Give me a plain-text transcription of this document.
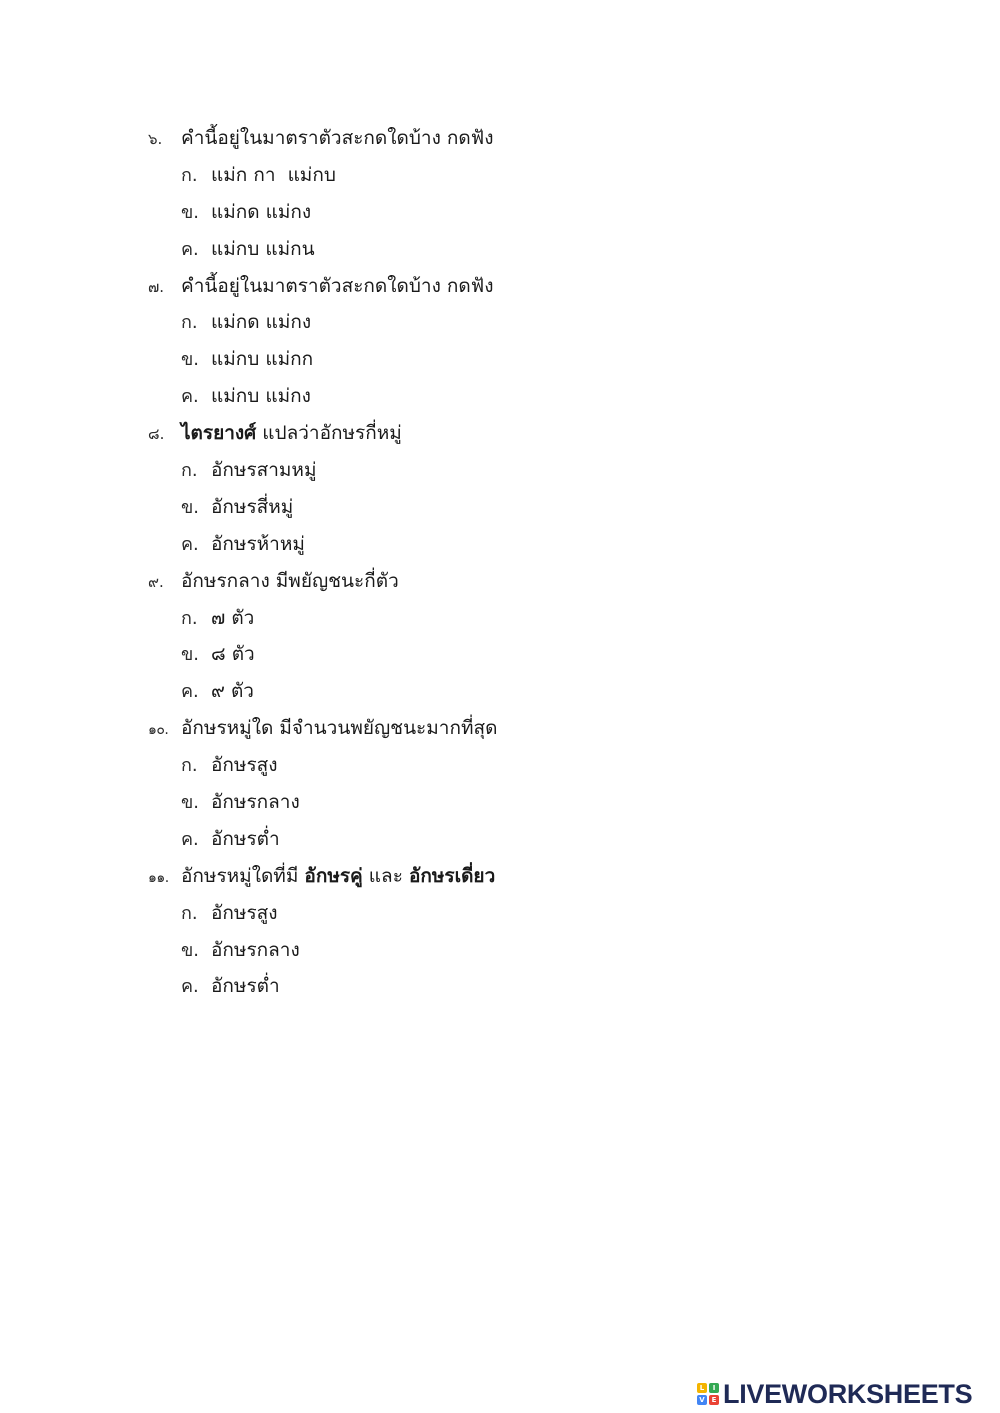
๖. คำนี้อยู่ในมาตราตัวสะกดใดบ้าง กดฟัง
ก. แม่ก กา  แม่กบ
ข. แม่กด แม่กง
ค. แม่กบ แม่กน
๗. คำนี้อยู่ในมาตราตัวสะกดใดบ้าง กดฟัง
ก. แม่กด แม่กง
ข. แม่กบ แม่กก
ค. แม่กบ แม่กง
๘. ไตรยางศ์ แปลว่าอักษรกี่หมู่
ก. อักษรสามหมู่
ข. อักษรสี่หมู่
ค. อักษรห้าหมู่
๙. อักษรกลาง มีพยัญชนะกี่ตัว
ก. ๗ ตัว
ข. ๘ ตัว
ค. ๙ ตัว
๑๐. อักษรหมู่ใด มีจำนวนพยัญชนะมากที่สุด
ก. อักษรสูง
ข. อักษรกลาง
ค. อักษรต่ำ
๑๑. อักษรหมู่ใดที่มี อักษรคู่ และ อักษรเดี่ยว
ก. อักษรสูง
ข. อักษรกลาง
ค. อักษรต่ำ
L	I
V E LIVEWORKSHEETS
